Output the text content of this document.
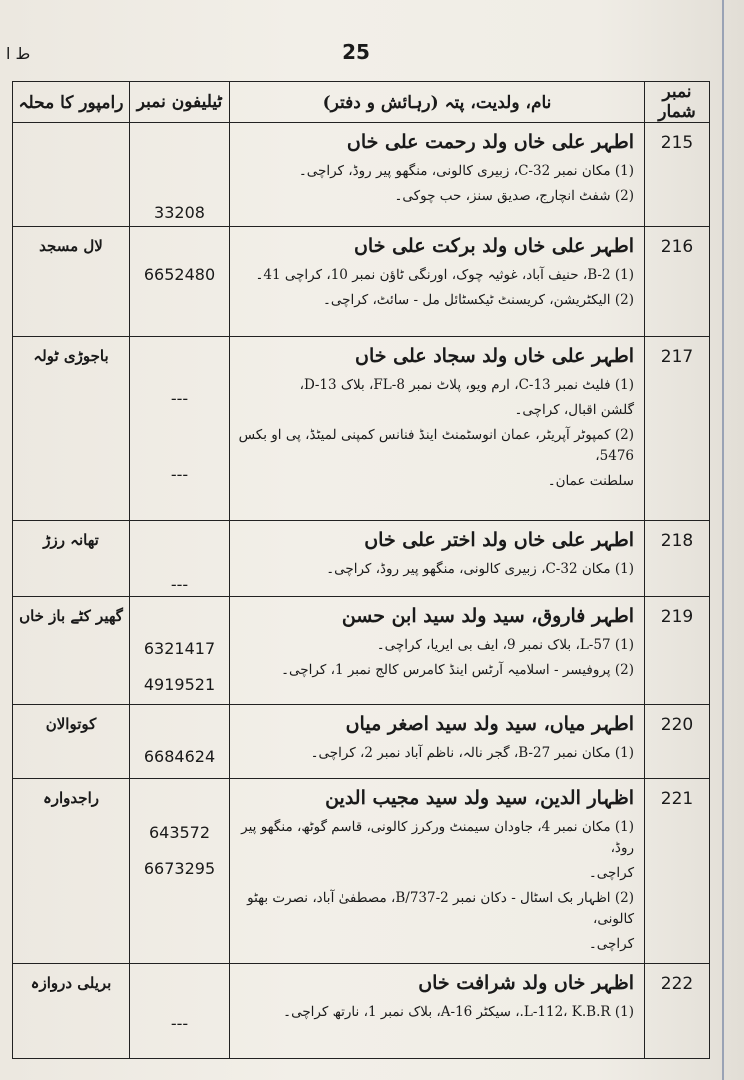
ط ا	25
نمبر شمار	نام، ولدیت، پتہ (رہائش و دفتر)	ٹیلیفون نمبر	رامپور کا محلہ
215	اطہر علی خاں ولد رحمت علی خاں
(1) مکان نمبر C-32، زبیری کالونی، منگھو پیر روڈ، کراچی۔
(2) شفٹ انچارج، صدیق سنز، حب چوکی۔	33208	

216	اطہر علی خاں ولد برکت علی خاں
(1) B-2، حنیف آباد، غوثیہ چوک، اورنگی ٹاؤن نمبر 10، کراچی 41۔
(2) الیکٹریشن، کریسنٹ ٹیکسٹائل مل - سائٹ، کراچی۔	6652480	لال مسجد
217	اطہر علی خاں ولد سجاد علی خاں
(1) فلیٹ نمبر C-13، ارم ویو، پلاٹ نمبر FL-8، بلاک 13-D،
گلشن اقبال، کراچی۔
(2) کمپوٹر آپریٹر، عمان انوسٹمنٹ اینڈ فنانس کمپنی لمیٹڈ، پی او بکس 5476،
سلطنت عمان۔	---
---	باجوڑی ٹولہ
218	اطہر علی خاں ولد اختر علی خاں
(1) مکان C-32، زبیری کالونی، منگھو پیر روڈ، کراچی۔	---	تھانہ رزڑ
219	اطہر فاروق، سید ولد سید ابن حسن
(1) L-57، بلاک نمبر 9، ایف بی ایریا، کراچی۔
(2) پروفیسر - اسلامیہ آرٹس اینڈ کامرس کالج نمبر 1، کراچی۔	6321417
4919521	گھیر کٹے باز خاں
220	اطہر میاں، سید ولد سید اصغر میاں
(1) مکان نمبر B-27، گجر نالہ، ناظم آباد نمبر 2، کراچی۔	6684624	کوتوالان
221	اظہار الدین، سید ولد سید مجیب الدین
(1) مکان نمبر 4، جاودان سیمنٹ ورکرز کالونی، قاسم گوٹھ، منگھو پیر روڈ،
کراچی۔
(2) اظہار بک اسٹال - دکان نمبر 2-B/737، مصطفیٰ آباد، نصرت بھٹو کالونی،
کراچی۔	643572
6673295	راجدوارہ
222	اظہر خاں ولد شرافت خاں
(1) L-112، K.B.R.، سیکٹر 16-A، بلاک نمبر 1، نارتھ کراچی۔	---	بریلی دروازہ
